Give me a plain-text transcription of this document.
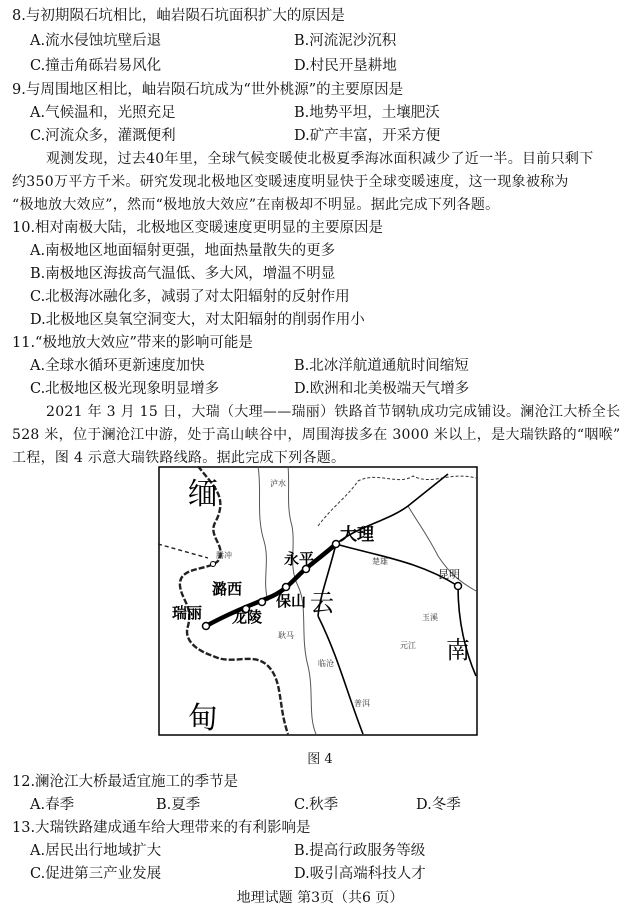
8.与初期陨石坑相比，岫岩陨石坑面积扩大的原因是
A.流水侵蚀坑壁后退	B.河流泥沙沉积
C.撞击角砾岩易风化	D.村民开垦耕地
9.与周围地区相比，岫岩陨石坑成为“世外桃源”的主要原因是
A.气候温和，光照充足	B.地势平坦，土壤肥沃
C.河流众多，灌溉便利	D.矿产丰富，开采方便
观测发现，过去40年里，全球气候变暖使北极夏季海冰面积减少了近一半。目前只剩下
约350万平方千米。研究发现北极地区变暖速度明显快于全球变暖速度，这一现象被称为
“极地放大效应”，然而“极地放大效应”在南极却不明显。据此完成下列各题。
10.相对南极大陆，北极地区变暖速度更明显的主要原因是
A.南极地区地面辐射更强，地面热量散失的更多
B.南极地区海拔高气温低、多大风，增温不明显
C.北极海冰融化多，减弱了对太阳辐射的反射作用
D.北极地区臭氧空洞变大，对太阳辐射的削弱作用小
11.“极地放大效应”带来的影响可能是
A.全球水循环更新速度加快	B.北冰洋航道通航时间缩短
C.北极地区极光现象明显增多	D.欧洲和北美极端天气增多
2021 年 3 月 15 日，大瑞（大理——瑞丽）铁路首节钢轨成功完成铺设。澜沧江大桥全长
528 米，位于澜沧江中游，处于高山峡谷中，周围海拔多在 3000 米以上，是大瑞铁路的“咽喉”
工程，图 4 示意大瑞铁路线路。据此完成下列各题。
缅
甸
云
南
瑞丽
潞西
龙陵
保山
永平
大理
昆明
腾冲
泸水
临沧
普洱
楚雄
玉溪
元江
耿马
图 4
12.澜沧江大桥最适宜施工的季节是
A.春季	B.夏季	C.秋季	D.冬季
13.大瑞铁路建成通车给大理带来的有利影响是
A.居民出行地域扩大	B.提高行政服务等级
C.促进第三产业发展	D.吸引高端科技人才
地理试题 第3页（共6 页）
